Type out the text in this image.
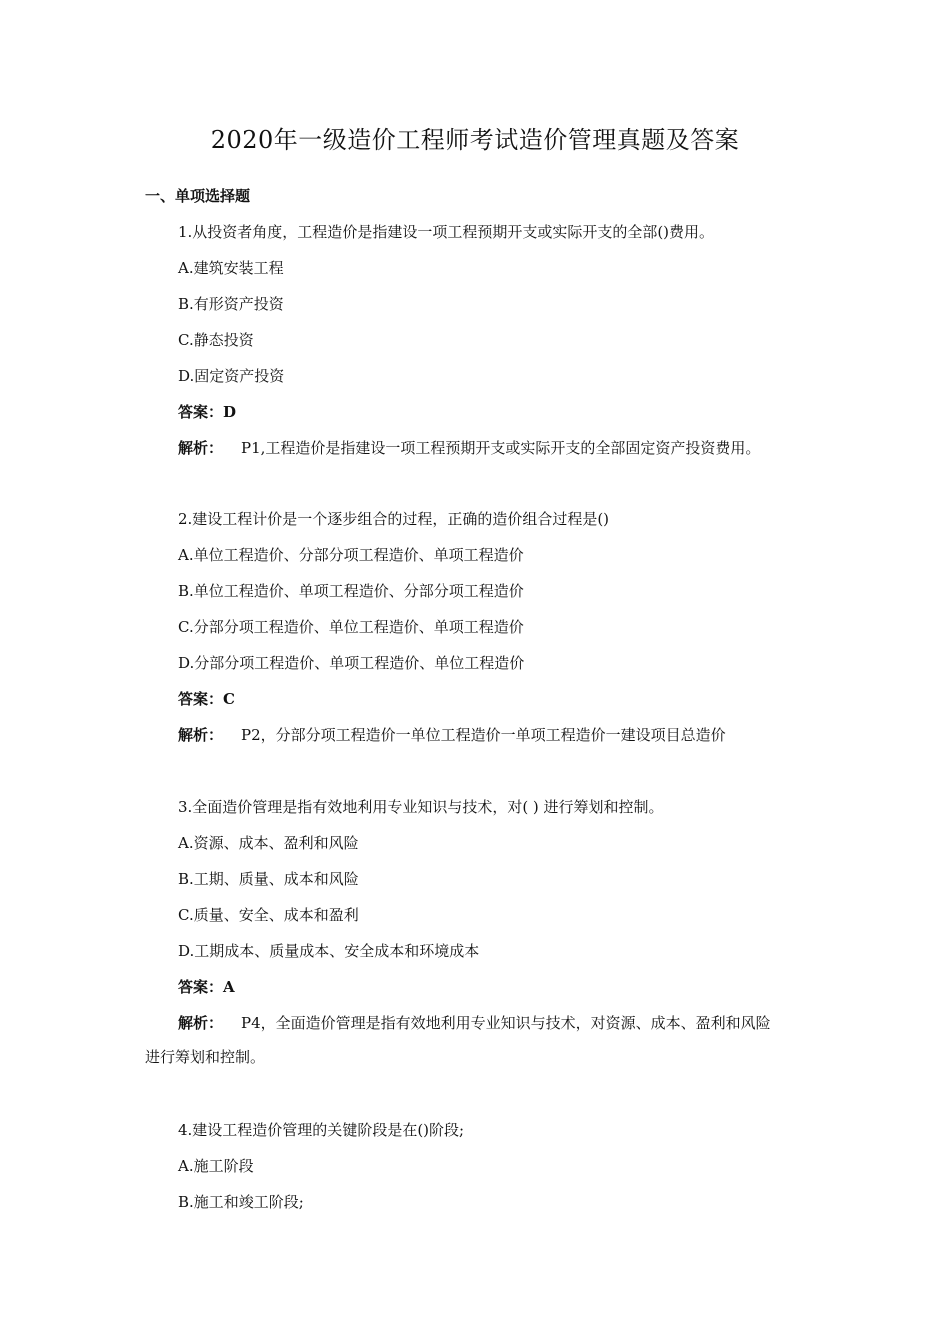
2020年一级造价工程师考试造价管理真题及答案
一、单项选择题
1.从投资者角度，工程造价是指建设一项工程预期开支或实际开支的全部()费用。
A.建筑安装工程
B.有形资产投资
C.静态投资
D.固定资产投资
答案：D
解析： P1,工程造价是指建设一项工程预期开支或实际开支的全部固定资产投资费用。
2.建设工程计价是一个逐步组合的过程，正确的造价组合过程是()
A.单位工程造价、分部分项工程造价、单项工程造价
B.单位工程造价、单项工程造价、分部分项工程造价
C.分部分项工程造价、单位工程造价、单项工程造价
D.分部分项工程造价、单项工程造价、单位工程造价
答案：C
解析： P2，分部分项工程造价一单位工程造价一单项工程造价一建设项目总造价
3.全面造价管理是指有效地利用专业知识与技术，对( ) 进行筹划和控制。
A.资源、成本、盈利和风险
B.工期、质量、成本和风险
C.质量、安全、成本和盈利
D.工期成本、质量成本、安全成本和环境成本
答案：A
解析： P4，全面造价管理是指有效地利用专业知识与技术，对资源、成本、盈利和风险
进行筹划和控制。
4.建设工程造价管理的关键阶段是在()阶段;
A.施工阶段
B.施工和竣工阶段;
